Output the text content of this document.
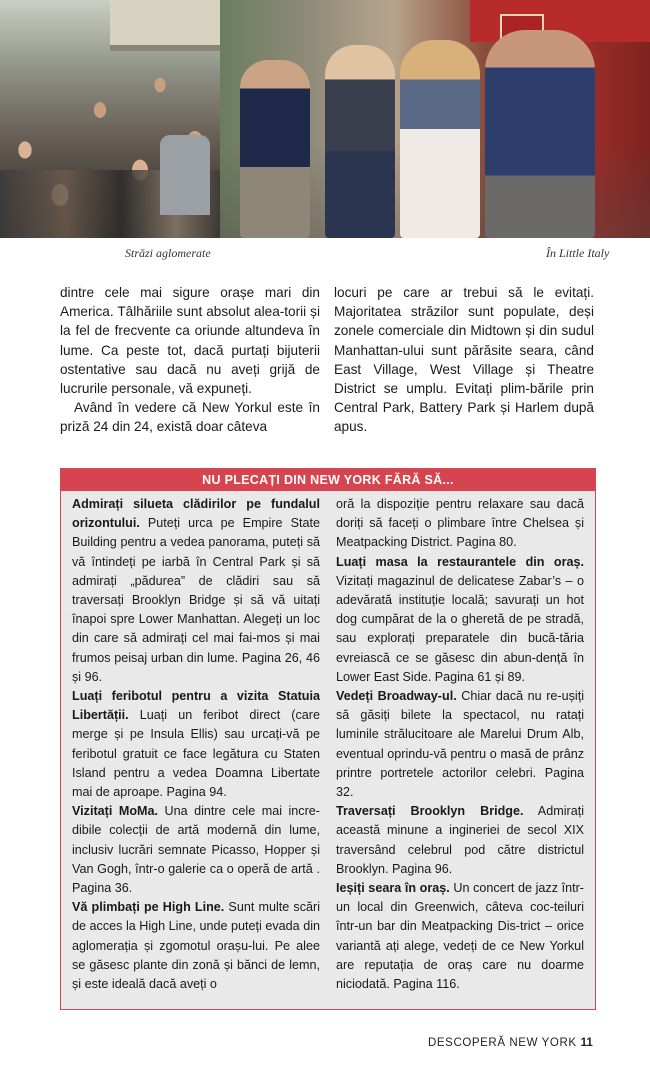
Străzi aglomerate	În Little Italy

dintre cele mai sigure orașe mari din America. Tâlhăriile sunt absolut alea-torii și la fel de frecvente ca oriunde altundeva în lume. Ca peste tot, dacă purtați bijuterii ostentative sau dacă nu aveți grijă de lucrurile personale, vă expuneți.

Având în vedere că New Yorkul este în priză 24 din 24, există doar câteva

locuri pe care ar trebui să le evitați. Majoritatea străzilor sunt populate, deși zonele comerciale din Midtown și din sudul Manhattan-ului sunt părăsite seara, când East Village, West Village și Theatre District se umplu. Evitați plim-bările prin Central Park, Battery Park și Harlem după apus.

NU PLECAȚI DIN NEW YORK FĂRĂ SĂ...

Admirați silueta clădirilor pe fundalul orizontului. Puteți urca pe Empire State Building pentru a vedea panorama, puteți să vă întindeți pe iarbă în Central Park și să admirați „pădurea” de clădiri sau să traversați Brooklyn Bridge și să vă uitați înapoi spre Lower Manhattan. Alegeți un loc din care să admirați cel mai fai-mos și mai frumos peisaj urban din lume. Pagina 26, 46 și 96.

Luați feribotul pentru a vizita Statuia Libertății. Luați un feribot direct (care merge și pe Insula Ellis) sau urcați-vă pe feribotul gratuit ce face legătura cu Staten Island pentru a vedea Doamna Libertate mai de aproape. Pagina 94.

Vizitați MoMa. Una dintre cele mai incre-dibile colecții de artă modernă din lume, inclusiv lucrări semnate Picasso, Hopper și Van Gogh, într-o galerie ca o operă de artă . Pagina 36.

Vă plimbați pe High Line. Sunt multe scări de acces la High Line, unde puteți evada din aglomerația și zgomotul orașu-lui. Pe alee se găsesc plante din zonă și bănci de lemn, și este ideală dacă aveți o

oră la dispoziție pentru relaxare sau dacă doriți să faceți o plimbare între Chelsea și Meatpacking District. Pagina 80.

Luați masa la restaurantele din oraș. Vizitați magazinul de delicatese Zabar’s – o adevărată instituție locală; savurați un hot dog cumpărat de la o gheretă de pe stradă, sau explorați preparatele din bucă-tăria evreiască ce se găsesc din abun-dență în Lower East Side. Pagina 61 și 89.

Vedeți Broadway-ul. Chiar dacă nu re-ușiți să găsiți bilete la spectacol, nu ratați luminile strălucitoare ale Marelui Drum Alb, eventual oprindu-vă pentru o masă de prânz printre portretele actorilor celebri. Pagina 32.

Traversați Brooklyn Bridge. Admirați această minune a ingineriei de secol XIX traversând celebrul pod către districtul Brooklyn. Pagina 96.

Ieșiți seara în oraș. Un concert de jazz într-un local din Greenwich, câteva coc-teiluri într-un bar din Meatpacking Dis-trict – orice variantă ați alege, vedeți de ce New Yorkul are reputația de oraș care nu doarme niciodată. Pagina 116.

DESCOPERĂ NEW YORK 11
